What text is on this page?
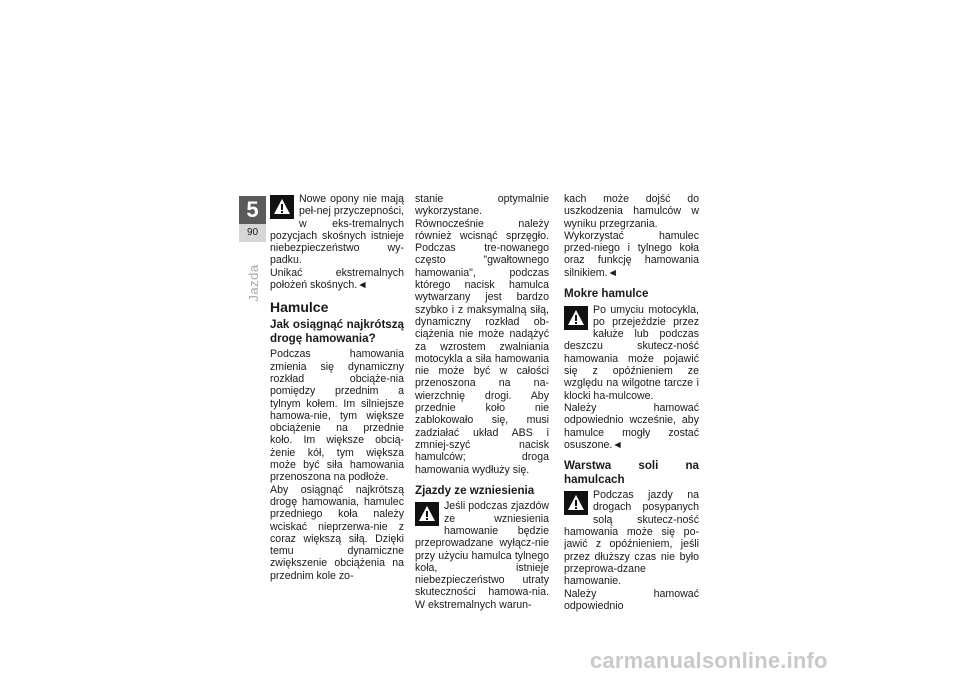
5
90
Jazda

Nowe opony nie mają peł-nej przyczepności, w eks-tremalnych pozycjach skośnych istnieje niebezpieczeństwo wy-padku.

Unikać ekstremalnych położeń skośnych.◄

Hamulce
Jak osiągnąć najkrótszą drogę hamowania?

Podczas hamowania zmienia się dynamiczny rozkład obciąże-nia pomiędzy przednim a tylnym kołem. Im silniejsze hamowa-nie, tym większe obciążenie na przednie koło. Im większe obcią-żenie kół, tym większa może być siła hamowania przenoszona na podłoże.

Aby osiągnąć najkrótszą drogę hamowania, hamulec przedniego koła należy wciskać nieprzerwa-nie z coraz większą siłą. Dzięki temu dynamiczne zwiększenie obciążenia na przednim kole zo-

stanie optymalnie wykorzystane. Równocześnie należy również wcisnąć sprzęgło. Podczas tre-nowanego często "gwałtownego hamowania", podczas którego nacisk hamulca wytwarzany jest bardzo szybko i z maksymalną siłą, dynamiczny rozkład ob-ciążenia nie może nadążyć za wzrostem zwalniania motocykla a siła hamowania nie może być w całości przenoszona na na-wierzchnię drogi. Aby przednie koło nie zablokowało się, musi zadziałać układ ABS i zmniej-szyć nacisk hamulców; droga hamowania wydłuży się.

Zjazdy ze wzniesienia

Jeśli podczas zjazdów ze wzniesienia hamowanie będzie przeprowadzane wyłącz-nie przy użyciu hamulca tylnego koła, istnieje niebezpieczeństwo utraty skuteczności hamowa-nia. W ekstremalnych warun-

kach może dojść do uszkodzenia hamulców w wyniku przegrzania.

Wykorzystać hamulec przed-niego i tylnego koła oraz funkcję hamowania silnikiem.◄

Mokre hamulce

Po umyciu motocykla, po przejeździe przez kałuże lub podczas deszczu skutecz-ność hamowania może pojawić się z opóźnieniem ze względu na wilgotne tarcze i klocki ha-mulcowe.

Należy hamować odpowiednio wcześnie, aby hamulce mogły zostać osuszone.◄

Warstwa soli na hamulcach

Podczas jazdy na drogach posypanych solą skutecz-ność hamowania może się po-jawić z opóźnieniem, jeśli przez dłuższy czas nie było przeprowa-dzane hamowanie.

Należy hamować odpowiednio

carmanualsonline.info
